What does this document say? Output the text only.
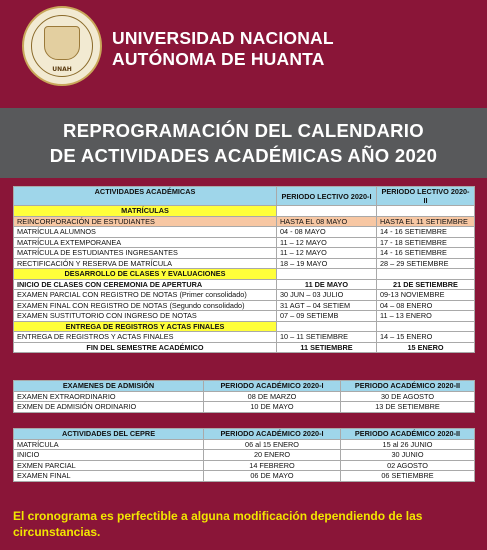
UNAH
UNIVERSIDAD NACIONAL
AUTÓNOMA DE HUANTA
REPROGRAMACIÓN DEL CALENDARIO
DE ACTIVIDADES ACADÉMICAS AÑO 2020
ACTIVIDADES ACADÉMICAS	PERIODO LECTIVO 2020-I	PERIODO LECTIVO 2020-II
MATRÍCULAS		
REINCORPORACIÓN DE ESTUDIANTES	HASTA EL 08 MAYO	HASTA EL 11 SETIEMBRE
MATRÍCULA ALUMNOS	04 - 08 MAYO	14 - 16 SETIEMBRE
MATRÍCULA EXTEMPORANEA	11 – 12 MAYO	17 - 18 SETIEMBRE
MATRÍCULA DE ESTUDIANTES INGRESANTES	11 – 12 MAYO	14 - 16 SETIEMBRE
RECTIFICACIÓN Y RESERVA DE MATRÍCULA	18 – 19 MAYO	28 – 29 SETIEMBRE
DESARROLLO DE CLASES Y EVALUACIONES		
INICIO DE CLASES CON CEREMONIA DE APERTURA	11 DE MAYO	21 DE SETIEMBRE
EXAMEN PARCIAL CON REGISTRO DE NOTAS (Primer consolidado)	30 JUN – 03 JULIO	09-13 NOVIEMBRE
EXAMEN FINAL CON REGISTRO DE NOTAS (Segundo consolidado)	31 AGT – 04 SETIEM	04 – 08 ENERO
EXAMEN SUSTITUTORIO CON INGRESO DE NOTAS	07 – 09 SETIEMB	11 – 13 ENERO
ENTREGA DE REGISTROS Y ACTAS FINALES		
ENTREGA DE REGISTROS Y ACTAS FINALES	10 – 11 SETIEMBRE	14 – 15 ENERO
FIN DEL SEMESTRE ACADÉMICO	11 SETIEMBRE	15 ENERO
EXAMENES DE ADMISIÓN	PERIODO ACADÉMICO 2020-I	PERIODO ACADÉMICO 2020-II
EXAMEN EXTRAORDINARIO	08 DE MARZO	30 DE AGOSTO
EXMEN DE ADMISIÓN ORDINARIO	10 DE MAYO	13 DE SETIEMBRE
ACTIVIDADES DEL CEPRE	PERIODO ACADÉMICO 2020-I	PERIODO ACADÉMICO 2020-II
MATRÍCULA	06 al 15 ENERO	15 al 26 JUNIO
INICIO	20 ENERO	30 JUNIO
EXMEN PARCIAL	14 FEBRERO	02 AGOSTO
EXAMEN FINAL	06 DE MAYO	06 SETIEMBRE
El cronograma es perfectible a alguna modificación dependiendo de las circunstancias.
